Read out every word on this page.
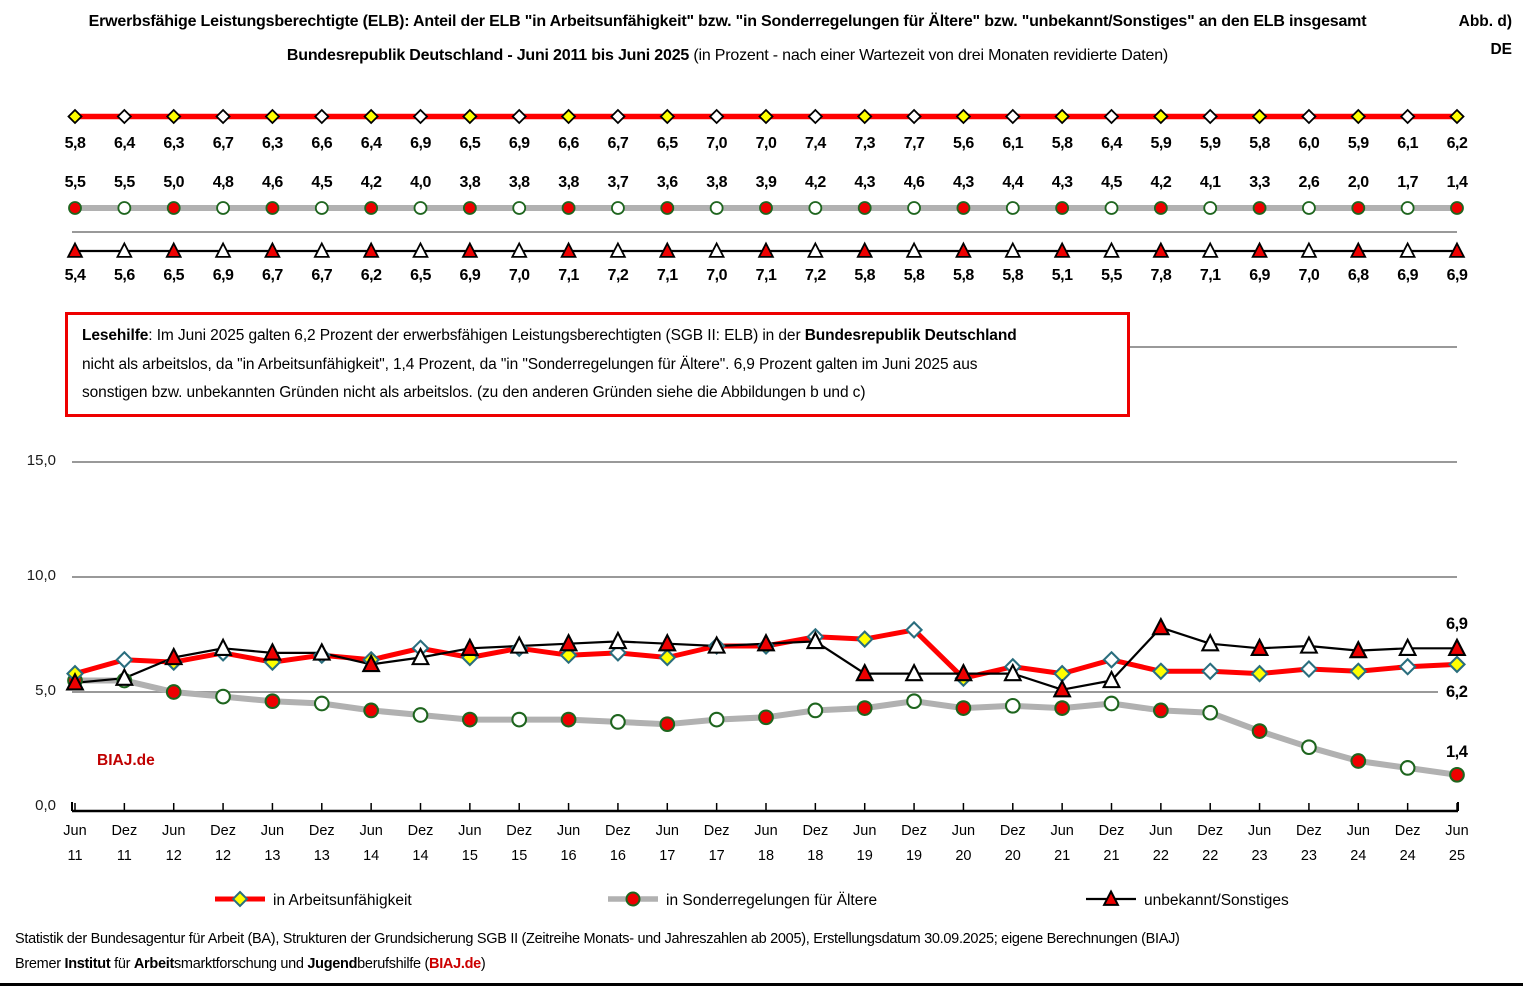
Erwerbsfähige Leistungsberechtigte (ELB): Anteil der ELB "in Arbeitsunfähigkeit" bzw. "in Sonderregelungen für Ältere" bzw. "unbekannt/Sonstiges" an den ELB insgesamt
Bundesrepublik Deutschland - Juni 2011 bis Juni 2025 (in Prozent - nach einer Wartezeit von drei Monaten revidierte Daten)
Abb. d)
DE
Lesehilfe: Im Juni 2025 galten 6,2 Prozent der erwerbsfähigen Leistungsberechtigten (SGB II: ELB) in der Bundesrepublik Deutschland
nicht als arbeitslos, da "in Arbeitsunfähigkeit", 1,4 Prozent, da "in "Sonderregelungen für Ältere". 6,9 Prozent galten im Juni 2025 aus
sonstigen bzw. unbekannten Gründen nicht als arbeitslos. (zu den anderen Gründen siehe die Abbildungen b und c)
BIAJ.de
in Arbeitsunfähigkeit	in Sonderregelungen für Ältere	unbekannt/Sonstiges
Statistik der Bundesagentur für Arbeit (BA), Strukturen der Grundsicherung SGB II (Zeitreihe Monats- und Jahreszahlen ab 2005), Erstellungsdatum 30.09.2025; eigene Berechnungen (BIAJ)
Bremer Institut für Arbeitsmarktforschung und Jugendberufshilfe (BIAJ.de)
5,8	6,4	6,3	6,7	6,3	6,6	6,4	6,9	6,5	6,9	6,6	6,7	6,5	7,0	7,0	7,4	7,3	7,7	5,6	6,1	5,8	6,4	5,9	5,9	5,8	6,0	5,9	6,1	6,2
5,5	5,5	5,0	4,8	4,6	4,5	4,2	4,0	3,8	3,8	3,8	3,7	3,6	3,8	3,9	4,2	4,3	4,6	4,3	4,4	4,3	4,5	4,2	4,1	3,3	2,6	2,0	1,7	1,4
5,4	5,6	6,5	6,9	6,7	6,7	6,2	6,5	6,9	7,0	7,1	7,2	7,1	7,0	7,1	7,2	5,8	5,8	5,8	5,8	5,1	5,5	7,8	7,1	6,9	7,0	6,8	6,9	6,9
15,0
10,0
5,0
0,0
Jun
11
Dez
11
Jun
12
Dez
12
Jun
13
Dez
13
Jun
14
Dez
14
Jun
15
Dez
15
Jun
16
Dez
16
Jun
17
Dez
17
Jun
18
Dez
18
Jun
19
Dez
19
Jun
20
Dez
20
Jun
21
Dez
21
Jun
22
Dez
22
Jun
23
Dez
23
Jun
24
Dez
24
Jun
25
6,2
1,4
6,9
